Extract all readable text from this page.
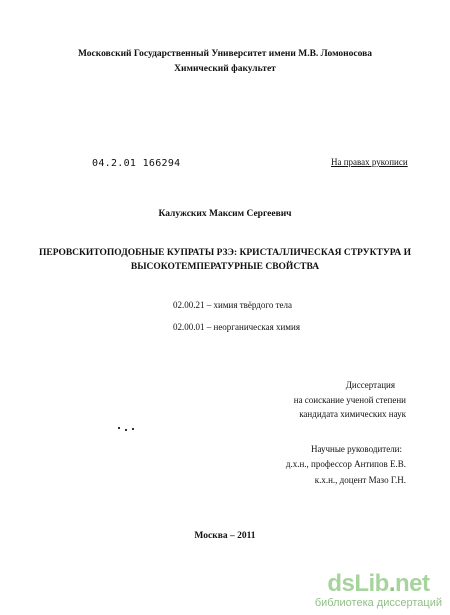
Московский Государственный Университет имени М.В. Ломоносова
Химический факультет
04.2.01 166294	На правах рукописи
Калужских Максим Сергеевич
ПЕРОВСКИТОПОДОБНЫЕ КУПРАТЫ РЗЭ: КРИСТАЛЛИЧЕСКАЯ СТРУКТУРА И
ВЫСОКОТЕМПЕРАТУРНЫЕ СВОЙСТВА
02.00.21 – химия твёрдого тела
02.00.01 – неорганическая химия
Диссертация
на соискание ученой степени
кандидата химических наук
Научные руководители:
д.х.н., профессор Антипов Е.В.
к.х.н., доцент Мазо Г.Н.
Москва – 2011
dsLib.net
библиотека диссертаций
